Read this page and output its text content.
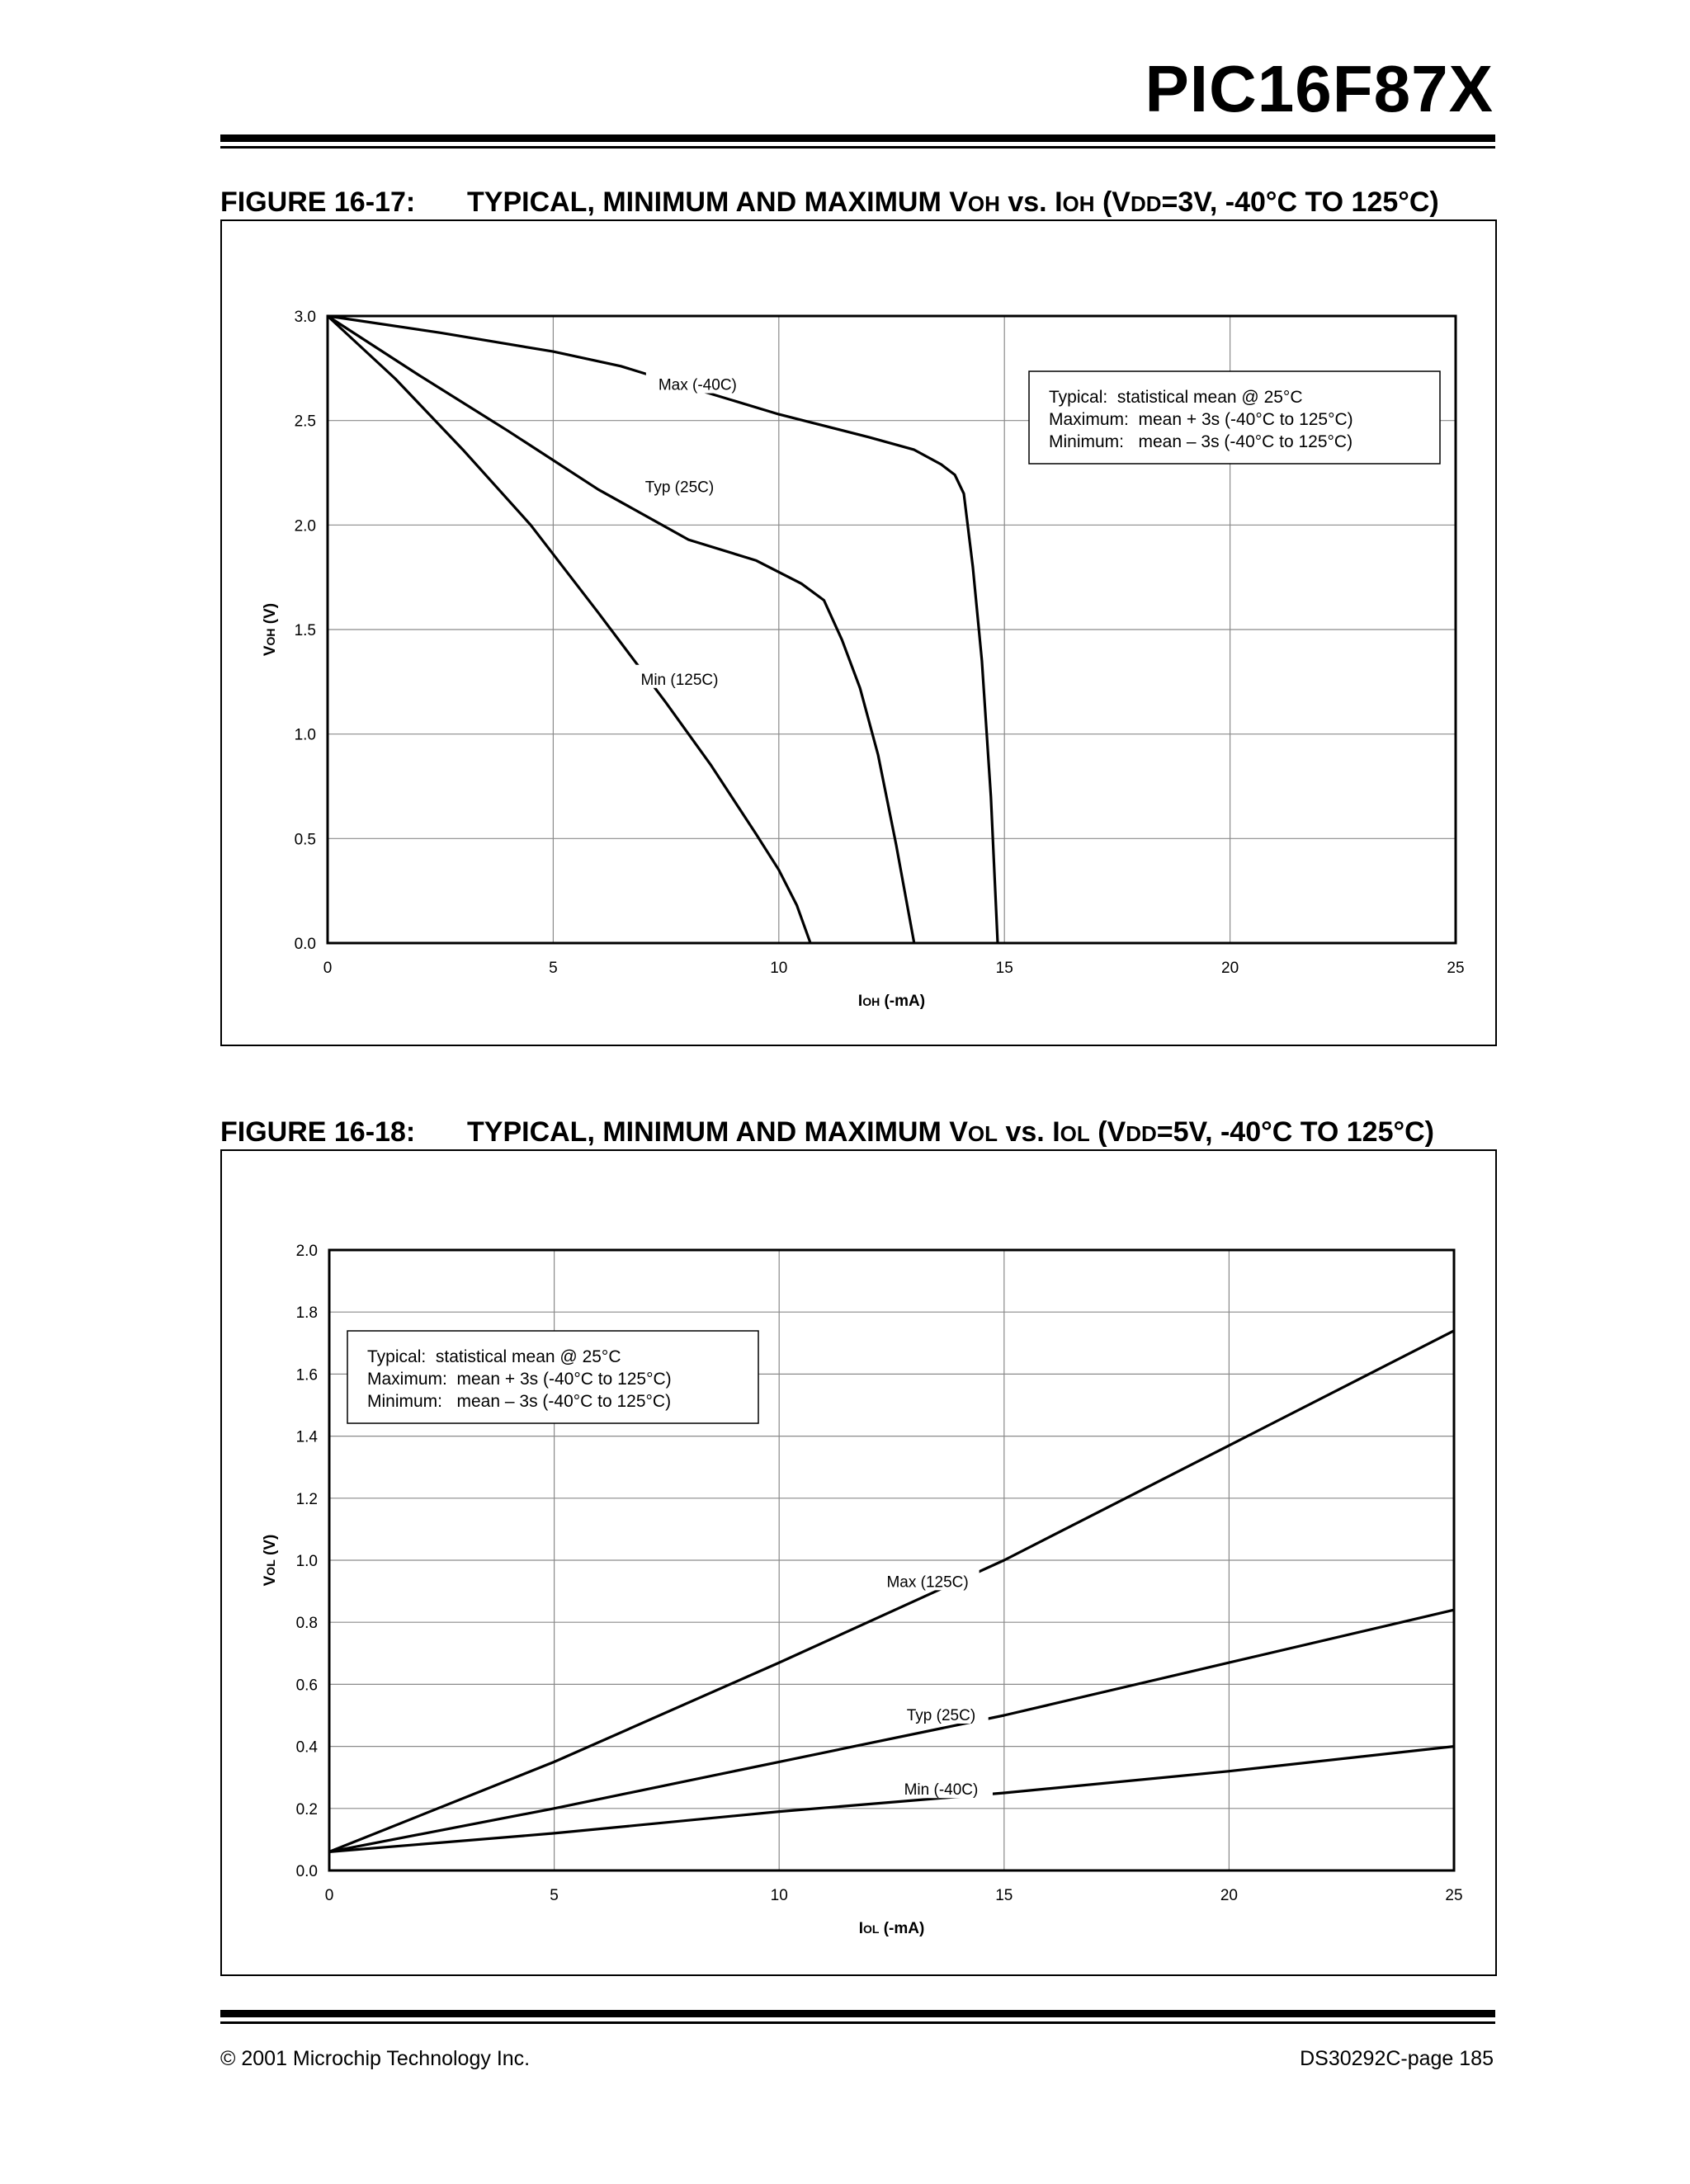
PIC16F87X
FIGURE 16-17: TYPICAL, MINIMUM AND MAXIMUM VOH vs. IOH (VDD=3V, -40°C TO 125°C)
0	5	10	15	20	25
0.0
0.5
1.0
1.5
2.0
2.5
3.0
IOH (-mA)
VOH (V)
Max (-40C)
Typ (25C)
Min (125C)
Typical:  statistical mean @ 25°C
Maximum:  mean + 3s (-40°C to 125°C)
Minimum:   mean – 3s (-40°C to 125°C)
FIGURE 16-18: TYPICAL, MINIMUM AND MAXIMUM VOL vs. IOL (VDD=5V, -40°C TO 125°C)
0	5	10	15	20	25
0.0
0.2
0.4
0.6
0.8
1.0
1.2
1.4
1.6
1.8
2.0
IOL (-mA)
VOL (V)
Max (125C)
Typ (25C)
Min (-40C)
Typical:  statistical mean @ 25°C
Maximum:  mean + 3s (-40°C to 125°C)
Minimum:   mean – 3s (-40°C to 125°C)
© 2001 Microchip Technology Inc.	DS30292C-page 185
